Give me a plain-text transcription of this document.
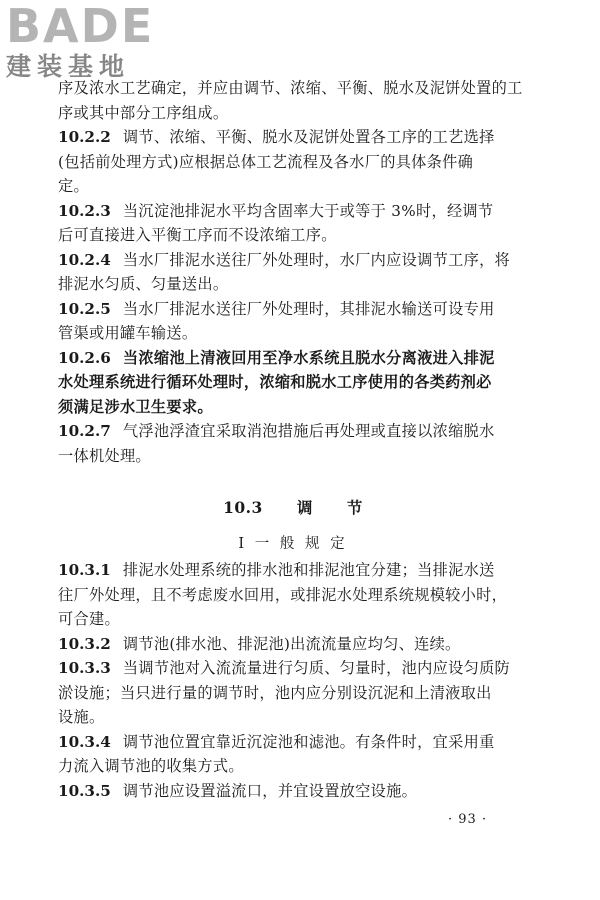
BADE
建装基地

序及浓水工艺确定，并应由调节、浓缩、平衡、脱水及泥饼处置的工

序或其中部分工序组成。

10.2.2 调节、浓缩、平衡、脱水及泥饼处置各工序的工艺选择

(包括前处理方式)应根据总体工艺流程及各水厂的具体条件确

定。

10.2.3 当沉淀池排泥水平均含固率大于或等于 3%时，经调节

后可直接进入平衡工序而不设浓缩工序。

10.2.4 当水厂排泥水送往厂外处理时，水厂内应设调节工序，将

排泥水匀质、匀量送出。

10.2.5 当水厂排泥水送往厂外处理时，其排泥水输送可设专用

管渠或用罐车输送。

10.2.6 当浓缩池上清液回用至净水系统且脱水分离液进入排泥

水处理系统进行循环处理时，浓缩和脱水工序使用的各类药剂必

须满足涉水卫生要求。

10.2.7 气浮池浮渣宜采取消泡措施后再处理或直接以浓缩脱水

一体机处理。

10.3 调 节
Ⅰ 一 般 规 定

10.3.1 排泥水处理系统的排水池和排泥池宜分建；当排泥水送

往厂外处理，且不考虑废水回用，或排泥水处理系统规模较小时，

可合建。

10.3.2 调节池(排水池、排泥池)出流流量应均匀、连续。

10.3.3 当调节池对入流流量进行匀质、匀量时，池内应设匀质防

淤设施；当只进行量的调节时，池内应分别设沉泥和上清液取出

设施。

10.3.4 调节池位置宜靠近沉淀池和滤池。有条件时，宜采用重

力流入调节池的收集方式。

10.3.5 调节池应设置溢流口，并宜设置放空设施。

· 93 ·
